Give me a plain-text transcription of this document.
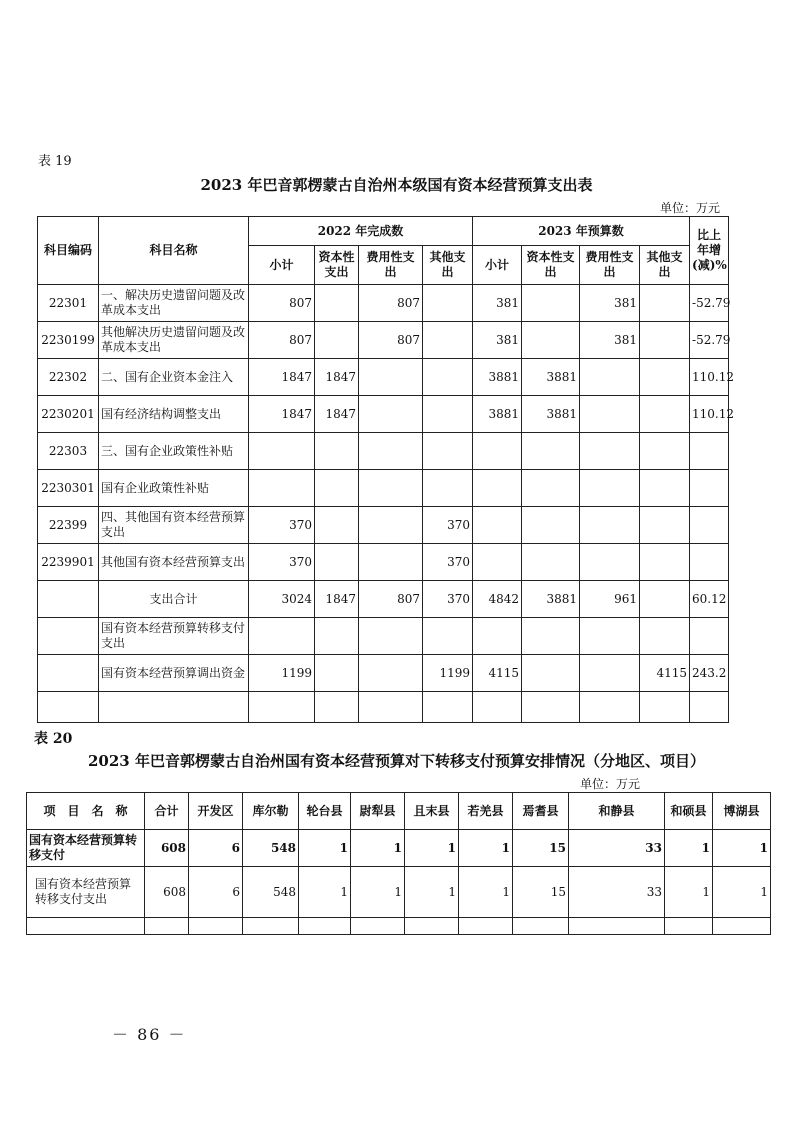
表 19
2023 年巴音郭楞蒙古自治州本级国有资本经营预算支出表
单位：万元
科目编码	科目名称	2022 年完成数				2023 年预算数				比上年增(减)%
		小计	资本性支出	费用性支出	其他支出	小计	资本性支出	费用性支出	其他支出	
22301	一、解决历史遗留问题及改革成本支出	807		807		381		381		-52.79
2230199	其他解决历史遗留问题及改革成本支出	807		807		381		381		-52.79
22302	二、国有企业资本金注入	1847	1847			3881	3881			110.12
2230201	国有经济结构调整支出	1847	1847			3881	3881			110.12
22303	三、国有企业政策性补贴									
2230301	国有企业政策性补贴									
22399	四、其他国有资本经营预算支出	370			370					
2239901	其他国有资本经营预算支出	370			370					
	支出合计	3024	1847	807	370	4842	3881	961		60.12
	国有资本经营预算转移支付支出									
	国有资本经营预算调出资金	1199			1199	4115			4115	243.2

表 20
2023 年巴音郭楞蒙古自治州国有资本经营预算对下转移支付预算安排情况（分地区、项目）
单位：万元
项　目　名　称	合计	开发区	库尔勒	轮台县	尉犁县	且末县	若羌县	焉耆县	和静县	和硕县	博湖县
国有资本经营预算转移支付	608	6	548	1	1	1	1	15	33	1	1
国有资本经营预算转移支付支出	608	6	548	1	1	1	1	15	33	1	1

－ 86 －
